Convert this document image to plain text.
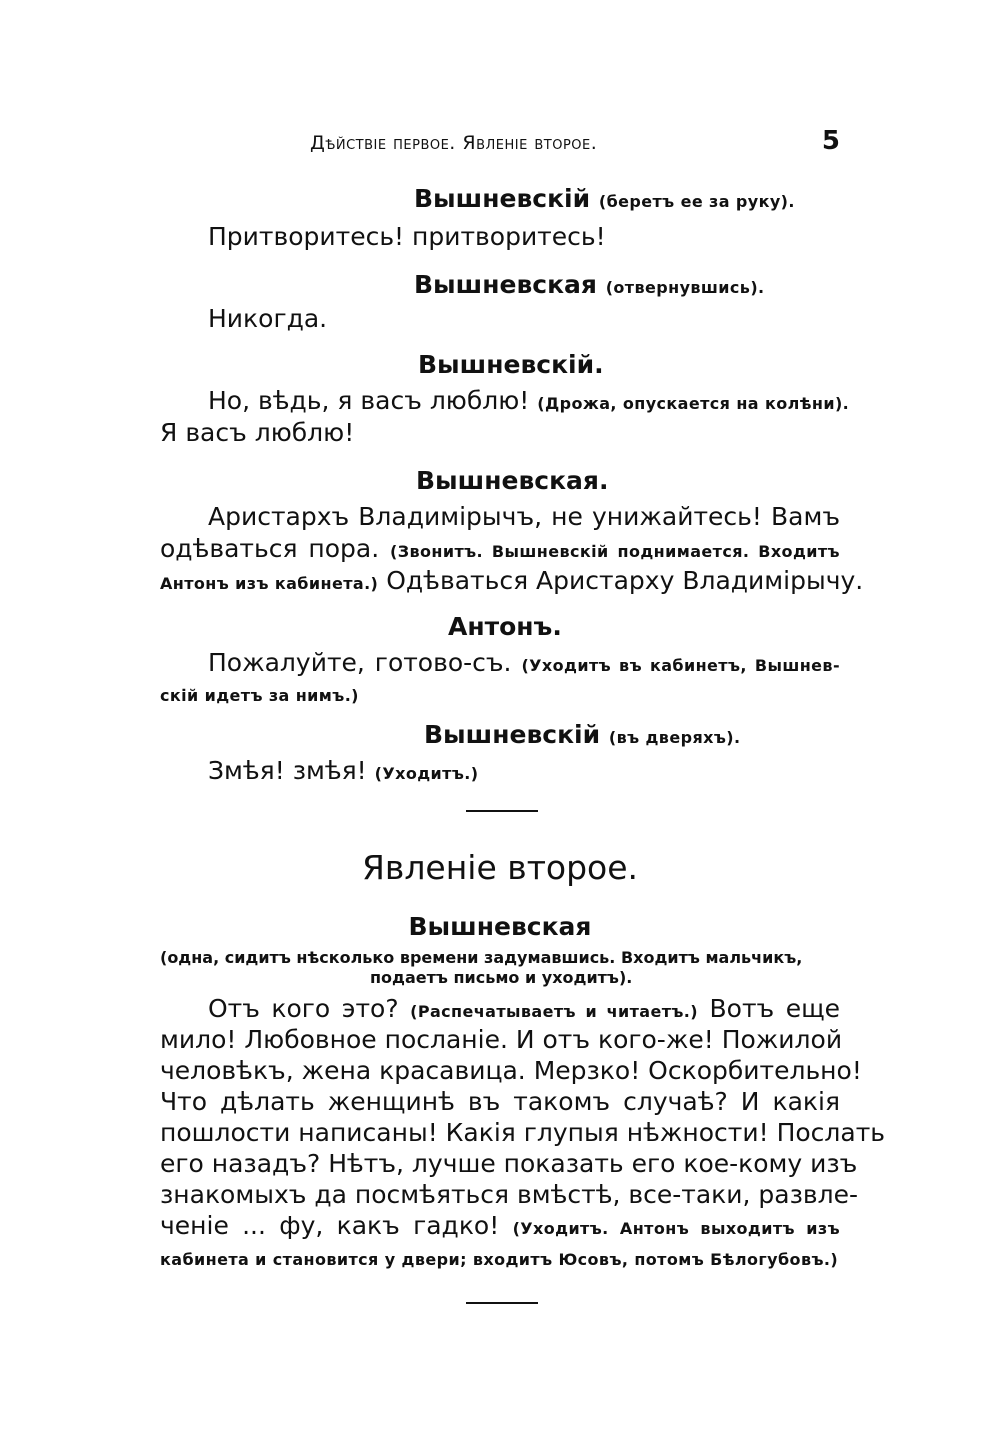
Дѣйствіе первое. Явленіе второе.	5
Вышневскій (беретъ ее за руку).

Притворитесь! притворитесь!

Вышневская (отвернувшись).

Никогда.

Вышневскій.

Но, вѣдь, я васъ люблю! (Дрожа, опускается на колѣни).

Я васъ люблю!

Вышневская.

Аристархъ Владимірычъ, не унижайтесь! Вамъ

одѣваться пора. (Звонитъ. Вышневскій поднимается. Входитъ

Антонъ изъ кабинета.) Одѣваться Аристарху Владимірычу.

Антонъ.

Пожалуйте, готово-съ. (Уходитъ въ кабинетъ, Вышнев-

скій идетъ за нимъ.)

Вышневскій (въ дверяхъ).

Змѣя! змѣя! (Уходитъ.)

Явленіе второе.
Вышневская
(одна, сидитъ нѣсколько времени задумавшись. Входитъ мальчикъ,
подаетъ письмо и уходитъ).

Отъ кого это? (Распечатываетъ и читаетъ.) Вотъ еще

мило! Любовное посланіе. И отъ кого-же! Пожилой

человѣкъ, жена красавица. Мерзко! Оскорбительно!

Что дѣлать женщинѣ въ такомъ случаѣ? И какія

пошлости написаны! Какія глупыя нѣжности! Послать

его назадъ? Нѣтъ, лучше показать его кое-кому изъ

знакомыхъ да посмѣяться вмѣстѣ, все-таки, развле-

ченіе ... фу, какъ гадко! (Уходитъ. Антонъ выходитъ изъ

кабинета и становится у двери; входитъ Юсовъ, потомъ Бѣлогубовъ.)
